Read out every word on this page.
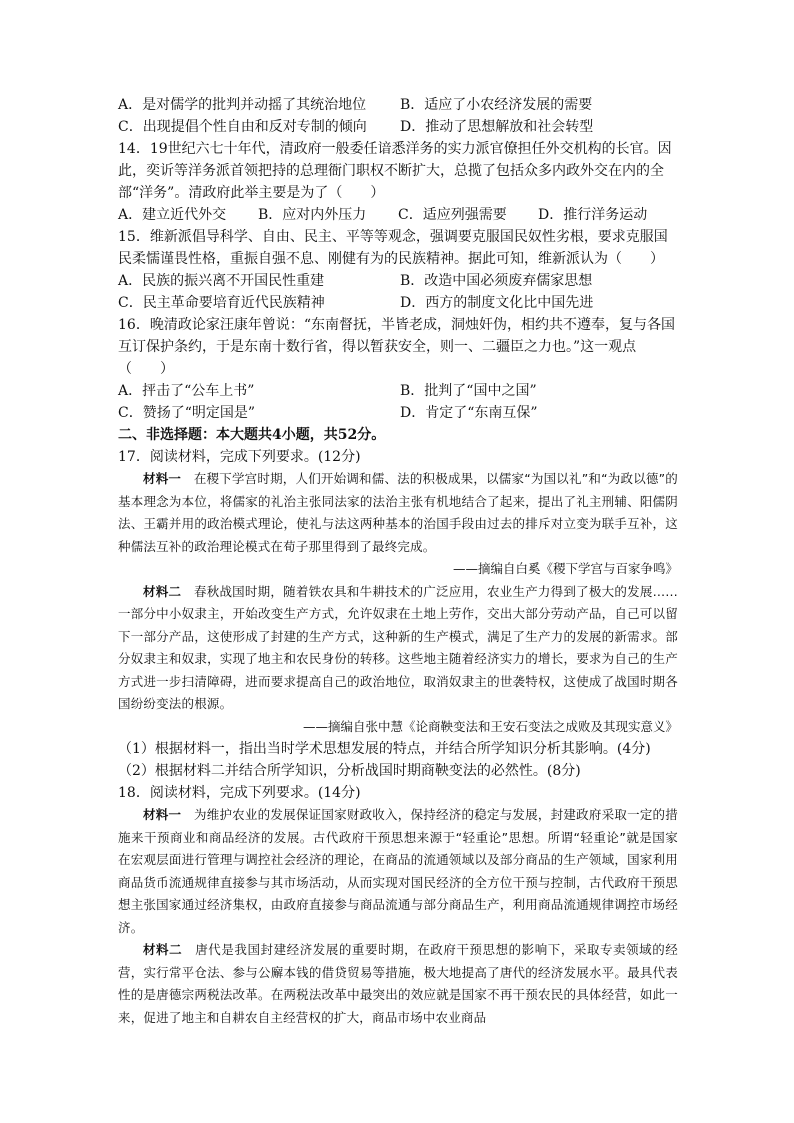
A．是对儒学的批判并动摇了其统治地位	B．适应了小农经济发展的需要
C．出现提倡个性自由和反对专制的倾向	D．推动了思想解放和社会转型
14．19世纪六七十年代，清政府一般委任谙悉洋务的实力派官僚担任外交机构的长官。因此，奕䜣等洋务派首领把持的总理衙门职权不断扩大，总揽了包括众多内政外交在内的全部“洋务”。清政府此举主要是为了（　　）
A．建立近代外交 B．应对内外压力 C．适应列强需要 D．推行洋务运动
15．维新派倡导科学、自由、民主、平等等观念，强调要克服国民奴性劣根，要求克服国民柔懦谨畏性格，重振自强不息、刚健有为的民族精神。据此可知，维新派认为（　　）
A．民族的振兴离不开国民性重建	B．改造中国必须废弃儒家思想
C．民主革命要培育近代民族精神	D．西方的制度文化比中国先进
16．晚清政论家汪康年曾说：“东南督抚，半皆老成，洞烛奸伪，相约共不遵奉，复与各国互订保护条约，于是东南十数行省，得以暂获安全，则一、二疆臣之力也。”这一观点（　　）
A．抨击了“公车上书”	B．批判了“国中之国”
C．赞扬了“明定国是”	D．肯定了“东南互保”
二、非选择题：本大题共4小题，共52分。
17．阅读材料，完成下列要求。(12分)
材料一　 在稷下学宫时期，人们开始调和儒、法的积极成果，以儒家“为国以礼”和“为政以德”的基本理念为本位，将儒家的礼治主张同法家的法治主张有机地结合了起来，提出了礼主刑辅、阳儒阴法、王霸并用的政治模式理论，使礼与法这两种基本的治国手段由过去的排斥对立变为联手互补，这种儒法互补的政治理论模式在荀子那里得到了最终完成。
——摘编自白奚《稷下学宫与百家争鸣》
材料二　 春秋战国时期，随着铁农具和牛耕技术的广泛应用，农业生产力得到了极大的发展……一部分中小奴隶主，开始改变生产方式，允许奴隶在土地上劳作，交出大部分劳动产品，自己可以留下一部分产品，这使形成了封建的生产方式，这种新的生产模式，满足了生产力的发展的新需求。部分奴隶主和奴隶，实现了地主和农民身份的转移。这些地主随着经济实力的增长，要求为自己的生产方式进一步扫清障碍，进而要求提高自己的政治地位，取消奴隶主的世袭特权，这使成了战国时期各国纷纷变法的根源。
——摘编自张中慧《论商鞅变法和王安石变法之成败及其现实意义》
（1）根据材料一，指出当时学术思想发展的特点，并结合所学知识分析其影响。(4分)
（2）根据材料二并结合所学知识，分析战国时期商鞅变法的必然性。(8分)
18．阅读材料，完成下列要求。(14分)
材料一　 为维护农业的发展保证国家财政收入，保持经济的稳定与发展，封建政府采取一定的措施来干预商业和商品经济的发展。古代政府干预思想来源于“轻重论”思想。所谓“轻重论”就是国家在宏观层面进行管理与调控社会经济的理论，在商品的流通领域以及部分商品的生产领域，国家利用商品货币流通规律直接参与其市场活动，从而实现对国民经济的全方位干预与控制，古代政府干预思想主张国家通过经济集权，由政府直接参与商品流通与部分商品生产，利用商品流通规律调控市场经济。
材料二　 唐代是我国封建经济发展的重要时期，在政府干预思想的影响下，采取专卖领域的经营，实行常平仓法、参与公廨本钱的借贷贸易等措施，极大地提高了唐代的经济发展水平。最具代表性的是唐德宗两税法改革。在两税法改革中最突出的效应就是国家不再干预农民的具体经营，如此一来，促进了地主和自耕农自主经营权的扩大，商品市场中农业商品
